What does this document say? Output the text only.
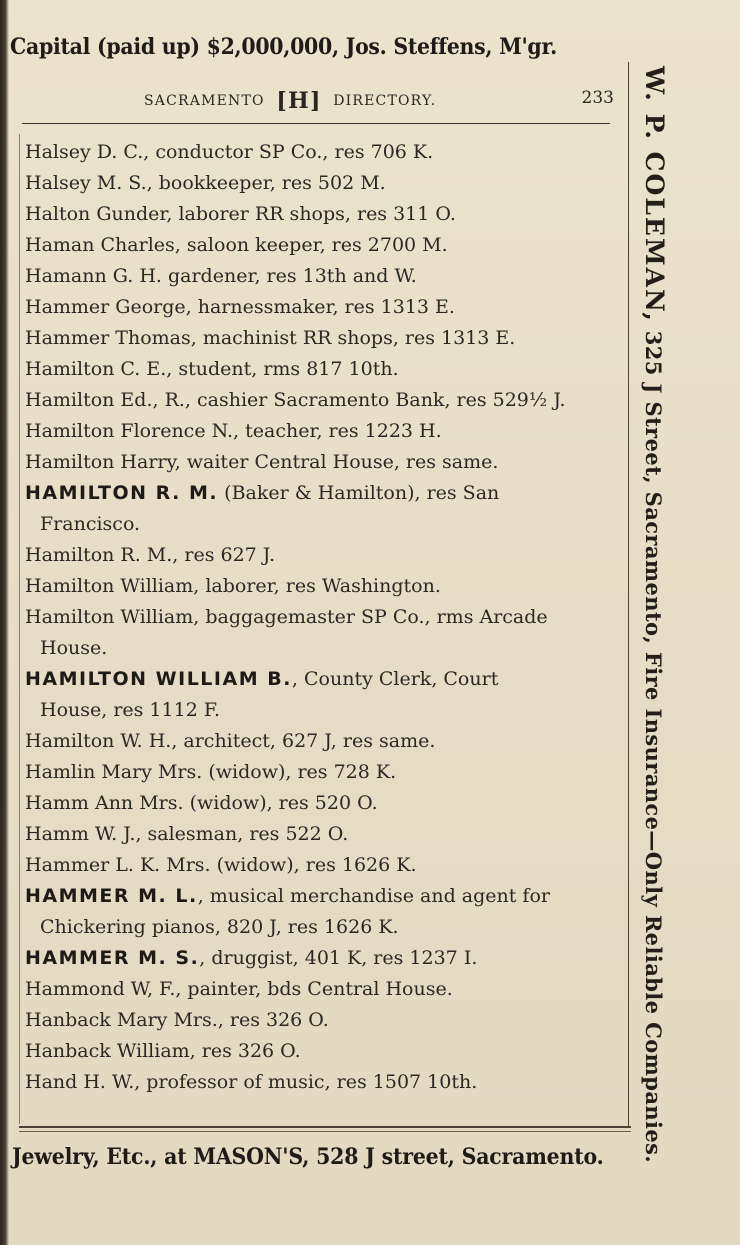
Capital (paid up) $2,000,000, Jos. Steffens, M'gr.
SACRAMENTO [H] DIRECTORY.	233
Halsey D. C., conductor SP Co., res 706 K.
Halsey M. S., bookkeeper, res 502 M.
Halton Gunder, laborer RR shops, res 311 O.
Haman Charles, saloon keeper, res 2700 M.
Hamann G. H. gardener, res 13th and W.
Hammer George, harnessmaker, res 1313 E.
Hammer Thomas, machinist RR shops, res 1313 E.
Hamilton C. E., student, rms 817 10th.
Hamilton Ed., R., cashier Sacramento Bank, res 529½ J.
Hamilton Florence N., teacher, res 1223 H.
Hamilton Harry, waiter Central House, res same.
HAMILTON R. M. (Baker & Hamilton), res San
Francisco.
Hamilton R. M., res 627 J.
Hamilton William, laborer, res Washington.
Hamilton William, baggagemaster SP Co., rms Arcade
House.
HAMILTON WILLIAM B., County Clerk, Court
House, res 1112 F.
Hamilton W. H., architect, 627 J, res same.
Hamlin Mary Mrs. (widow), res 728 K.
Hamm Ann Mrs. (widow), res 520 O.
Hamm W. J., salesman, res 522 O.
Hammer L. K. Mrs. (widow), res 1626 K.
HAMMER M. L., musical merchandise and agent for
Chickering pianos, 820 J, res 1626 K.
HAMMER M. S., druggist, 401 K, res 1237 I.
Hammond W, F., painter, bds Central House.
Hanback Mary Mrs., res 326 O.
Hanback William, res 326 O.
Hand H. W., professor of music, res 1507 10th.
W. P. COLEMAN, 325 J Street, Sacramento, Fire Insurance—Only Reliable Companies.
Jewelry, Etc., at MASON'S, 528 J street, Sacramento.
